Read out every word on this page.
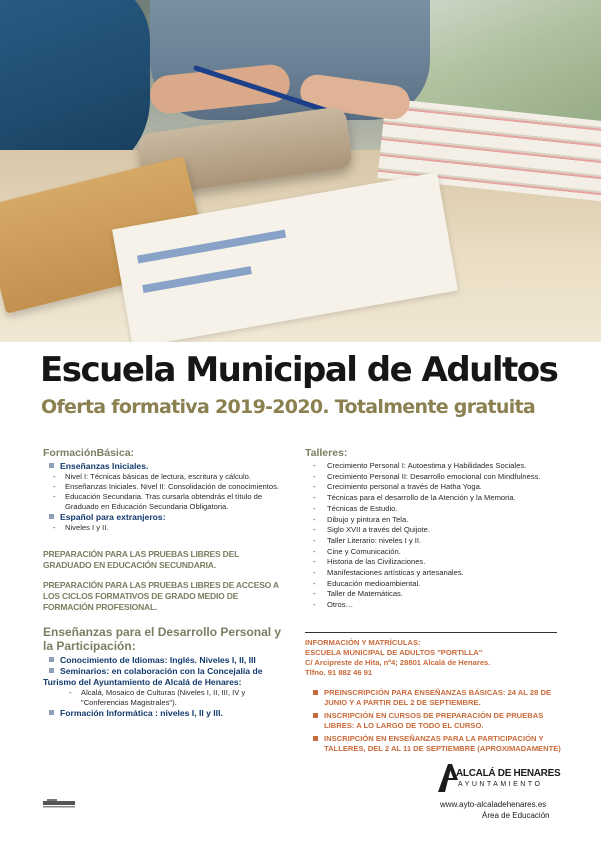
Escuela Municipal de Adultos
Oferta formativa 2019-2020. Totalmente gratuita

FormaciónBásica:

Enseñanzas Iniciales.

- Nivel I: Técnicas básicas de lectura, escritura y cálculo.
- Enseñanzas Iniciales. Nivel II: Consolidación de conocimientos.
- Educación Secundaria. Tras cursarla obtendrás el título de Graduado en Educación Secundaria Obligatoria.

Español para extranjeros:

- Niveles I y II.

PREPARACIÓN PARA LAS PRUEBAS LIBRES DEL GRADUADO EN EDUCACIÓN SECUNDARIA.

PREPARACIÓN PARA LAS PRUEBAS LIBRES DE ACCESO A LOS CICLOS FORMATIVOS DE GRADO MEDIO DE FORMACIÓN PROFESIONAL.

Enseñanzas para el Desarrollo Personal y la Participación:

Conocimiento de Idiomas: Inglés. Niveles I, II, III

Seminarios: en colaboración con la Concejalía de Turismo del Ayuntamiento de Alcalá de Henares:

- Alcalá, Mosaico de Culturas (Niveles I, II, III, IV y "Conferencias Magistrales").

Formación Informática : niveles I, II y III.

Talleres:

- Crecimiento Personal I: Autoestima y Habilidades Sociales.
- Crecimiento Personal II: Desarrollo emocional con Mindfulness.
- Crecimiento personal a través de Hatha Yoga.
- Técnicas para el desarrollo de la Atención y la Memoria.
- Técnicas de Estudio.
- Dibujo y pintura en Tela.
- Siglo XVII a través del Quijote.
- Taller Literario: niveles I y II.
- Cine y Comunicación.
- Historia de las Civilizaciones.
- Manifestaciones artísticas y artesanales.
- Educación medioambiental.
- Taller de Matemáticas.
- Otros…

INFORMACIÓN Y MATRÍCULAS:

ESCUELA MUNICIPAL DE ADULTOS "PORTILLA"

C/ Arcipreste de Hita, nº4; 28801 Alcalá de Henares.

Tlfno. 91 882 46 91

PREINSCRIPCIÓN PARA ENSEÑANZAS BÁSICAS: 24 AL 28 DE JUNIO Y A PARTIR DEL 2 DE SEPTIEMBRE.

INSCRIPCIÓN EN CURSOS DE PREPARACIÓN DE PRUEBAS LIBRES: A LO LARGO DE TODO EL CURSO.

INSCRIPCIÓN EN ENSEÑANZAS PARA LA PARTICIPACIÓN Y TALLERES, DEL 2 AL 11 DE SEPTIEMBRE (APROXIMADAMENTE)

ALCALÁ DE HENARES
AYUNTAMIENTO
www.ayto-alcaladehenares.es
Área de Educación
